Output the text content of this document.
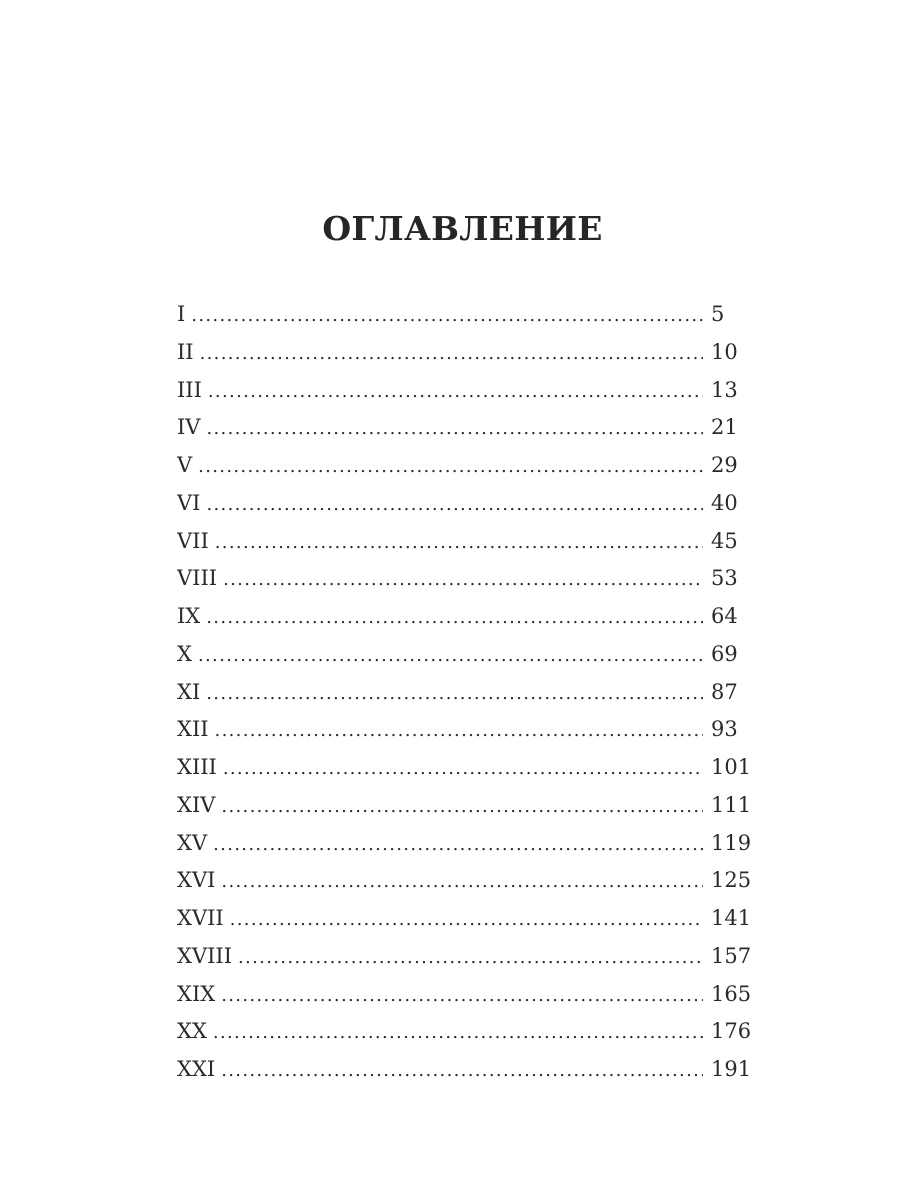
ОГЛАВЛЕНИЕ
I . . .	5
II . . .	10
III . . .	13
IV . . .	21
V . . .	29
VI . . .	40
VII . . .	45
VIII . . .	53
IX . . .	64
X . . .	69
XI . . .	87
XII . . .	93
XIII . . .	101
XIV . . .	111
XV . . .	119
XVI . . .	125
XVII . . .	141
XVIII . . .	157
XIX . . .	165
XX . . .	176
XXI . . .	191
